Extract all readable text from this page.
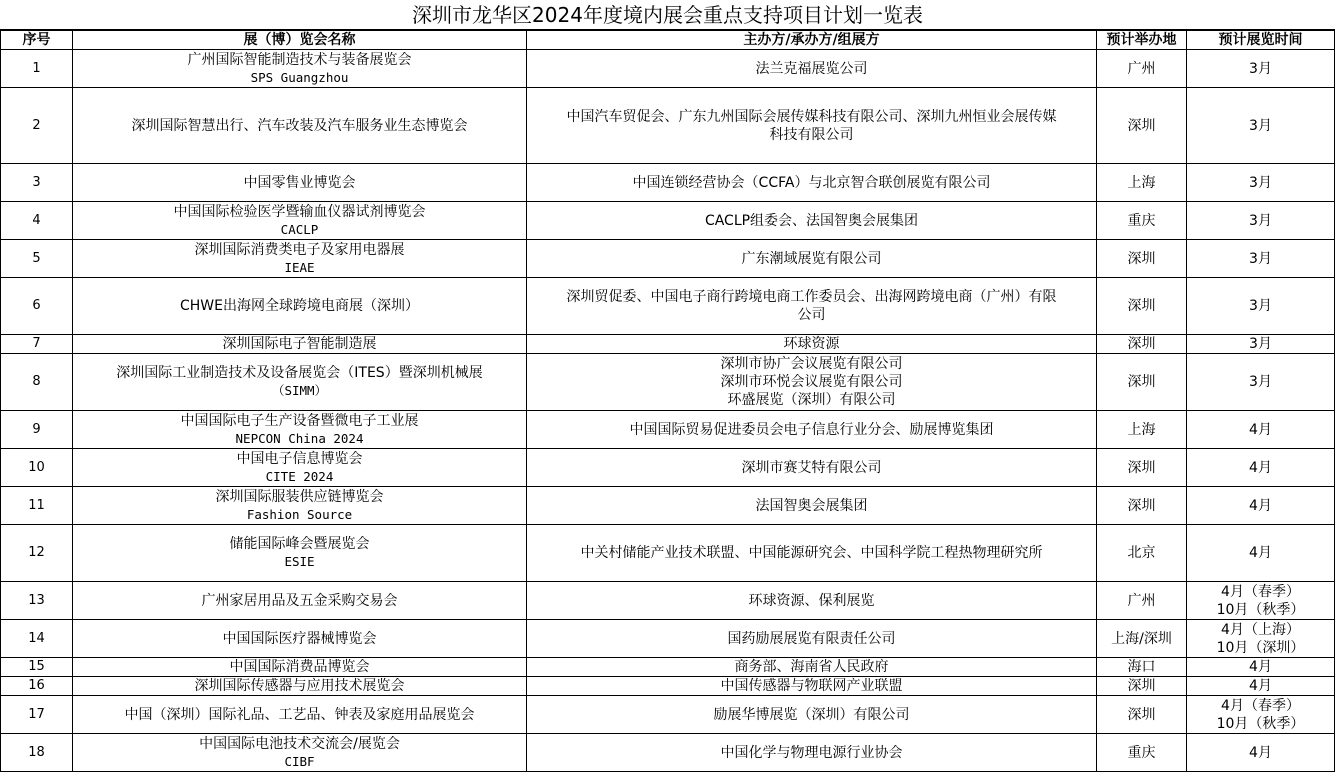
深圳市龙华区2024年度境内展会重点支持项目计划一览表
序号	展（博）览会名称	主办方/承办方/组展方	预计举办地	预计展览时间

1	广州国际智能制造技术与装备展览会
SPS Guangzhou	法兰克福展览公司	广州	3月

2	深圳国际智慧出行、汽车改装及汽车服务业生态博览会	中国汽车贸促会、广东九州国际会展传媒科技有限公司、深圳九州恒业会展传媒
科技有限公司	深圳	3月

3	中国零售业博览会	中国连锁经营协会（CCFA）与北京智合联创展览有限公司	上海	3月

4	中国国际检验医学暨输血仪器试剂博览会
CACLP	CACLP组委会、法国智奥会展集团	重庆	3月

5	深圳国际消费类电子及家用电器展
IEAE	广东潮域展览有限公司	深圳	3月

6	CHWE出海网全球跨境电商展（深圳）	深圳贸促委、中国电子商行跨境电商工作委员会、出海网跨境电商（广州）有限
公司	深圳	3月

7	深圳国际电子智能制造展	环球资源	深圳	3月

8	深圳国际工业制造技术及设备展览会（ITES）暨深圳机械展
（SIMM）	深圳市协广会议展览有限公司
深圳市环悦会议展览有限公司
环盛展览（深圳）有限公司	深圳	3月

9	中国国际电子生产设备暨微电子工业展
NEPCON China 2024	中国国际贸易促进委员会电子信息行业分会、励展博览集团	上海	4月

10	中国电子信息博览会
CITE 2024	深圳市赛艾特有限公司	深圳	4月

11	深圳国际服装供应链博览会
Fashion Source	法国智奥会展集团	深圳	4月

12	储能国际峰会暨展览会
ESIE	中关村储能产业技术联盟、中国能源研究会、中国科学院工程热物理研究所	北京	4月

13	广州家居用品及五金采购交易会	环球资源、保利展览	广州	4月（春季）
10月（秋季）

14	中国国际医疗器械博览会	国药励展展览有限责任公司	上海/深圳	4月（上海）
10月（深圳）

15	中国国际消费品博览会	商务部、海南省人民政府	海口	4月

16	深圳国际传感器与应用技术展览会	中国传感器与物联网产业联盟	深圳	4月

17	中国（深圳）国际礼品、工艺品、钟表及家庭用品展览会	励展华博展览（深圳）有限公司	深圳	4月（春季）
10月（秋季）

18	中国国际电池技术交流会/展览会
CIBF	中国化学与物理电源行业协会	重庆	4月
